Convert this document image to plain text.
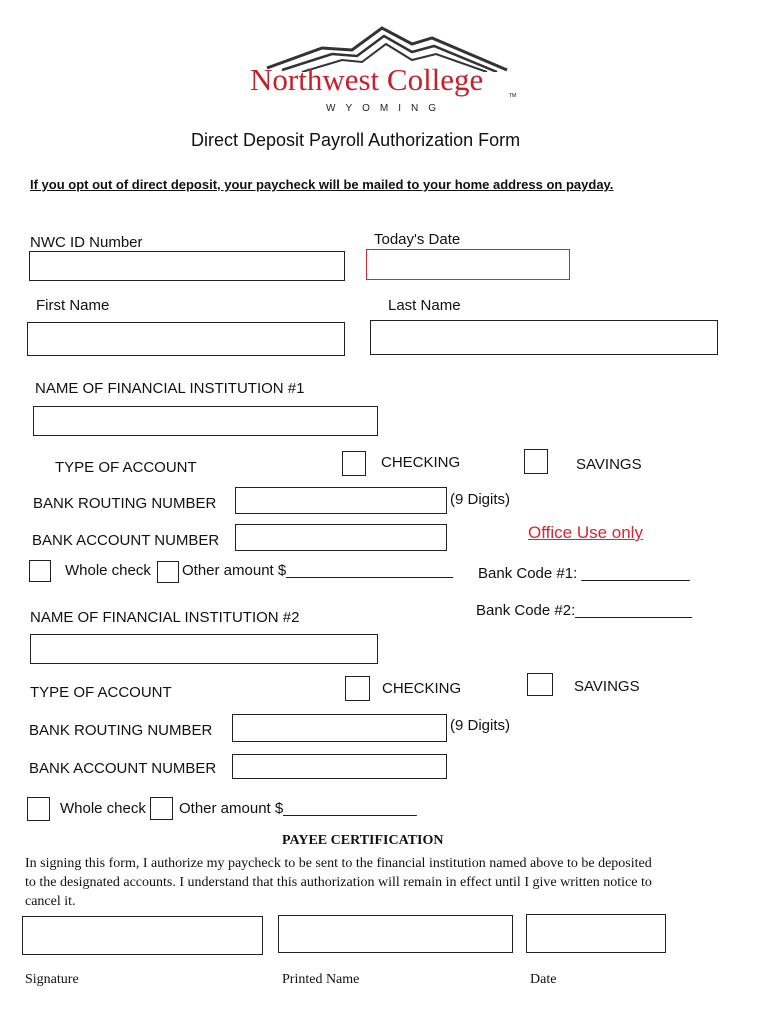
Northwest College	TM
WYOMING
Direct Deposit Payroll Authorization Form
If you opt out of direct deposit, your paycheck will be mailed to your home address on payday.
NWC ID Number	Today's Date
First Name	Last Name
NAME OF FINANCIAL INSTITUTION #1
TYPE OF ACCOUNT	CHECKING	SAVINGS
BANK ROUTING NUMBER	(9 Digits)
BANK ACCOUNT NUMBER
Whole check Other amount $____________________
Office Use only
Bank Code #1: _____________
Bank Code #2:______________
NAME OF FINANCIAL INSTITUTION #2
TYPE OF ACCOUNT	CHECKING	SAVINGS
BANK ROUTING NUMBER	(9 Digits)
BANK ACCOUNT NUMBER
Whole check Other amount $________________
PAYEE CERTIFICATION
In signing this form, I authorize my paycheck to be sent to the financial institution named above to be deposited
to the designated accounts. I understand that this authorization will remain in effect until I give written notice to
cancel it.
Signature	Printed Name	Date
